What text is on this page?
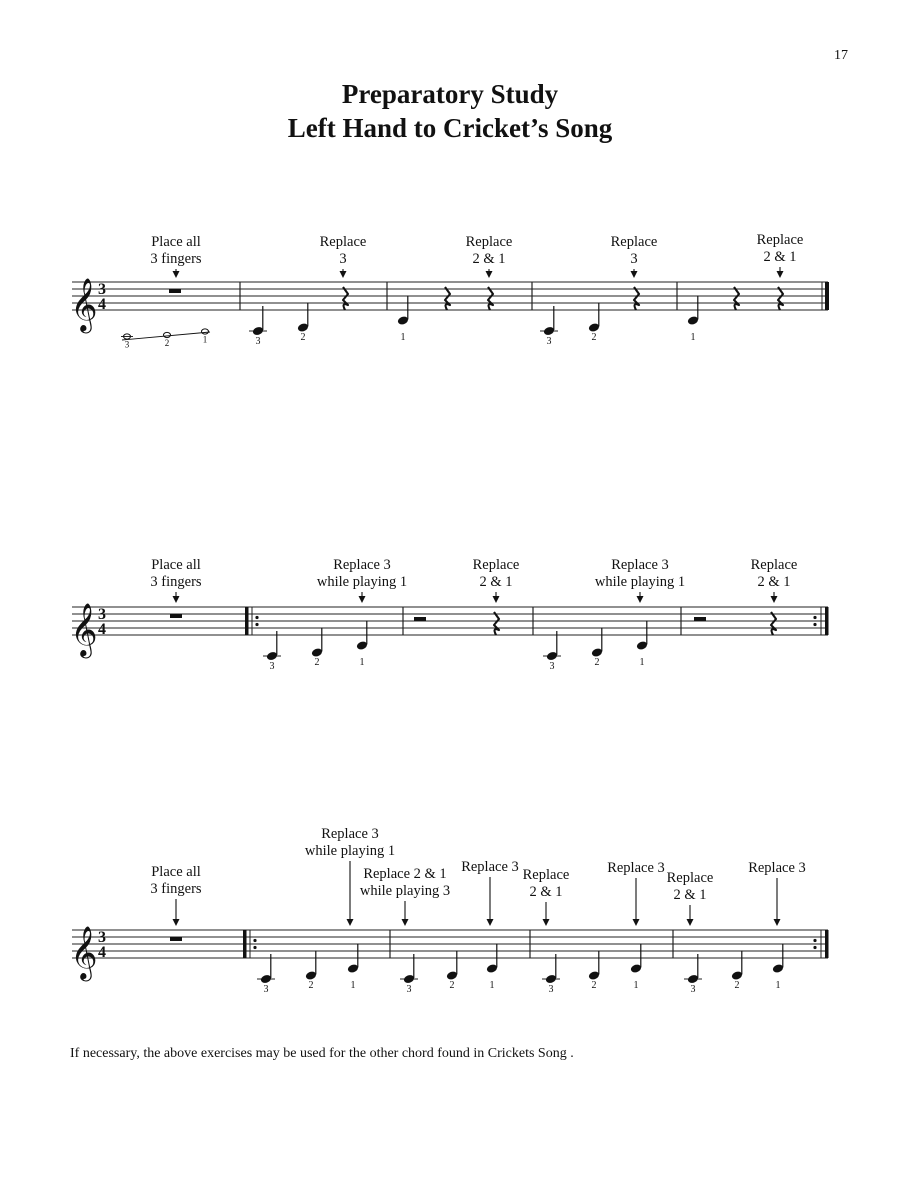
17
Preparatory Study
Left Hand to Cricket’s Song
𝄞 3
4
3	2	1	3	2	1
3	2	1
Place all
3 fingers
Replace
3
Replace
2 & 1
Replace
3
Replace
2 & 1
𝄞 3
4
3	2	1	3	2	1
Place all
3 fingers
Replace 3
while playing 1
Replace
2 & 1
Replace 3
while playing 1
Replace
2 & 1
𝄞 3
4
3	2	1	3	2	1	3	2	1	3	2	1
Place all
3 fingers
Replace 3
while playing 1
Replace 2 & 1
while playing 3
Replace 3 Replace
2 & 1
Replace 3
Replace
2 & 1
Replace 3
If necessary, the above exercises may be used for the other chord found in Crickets Song .
